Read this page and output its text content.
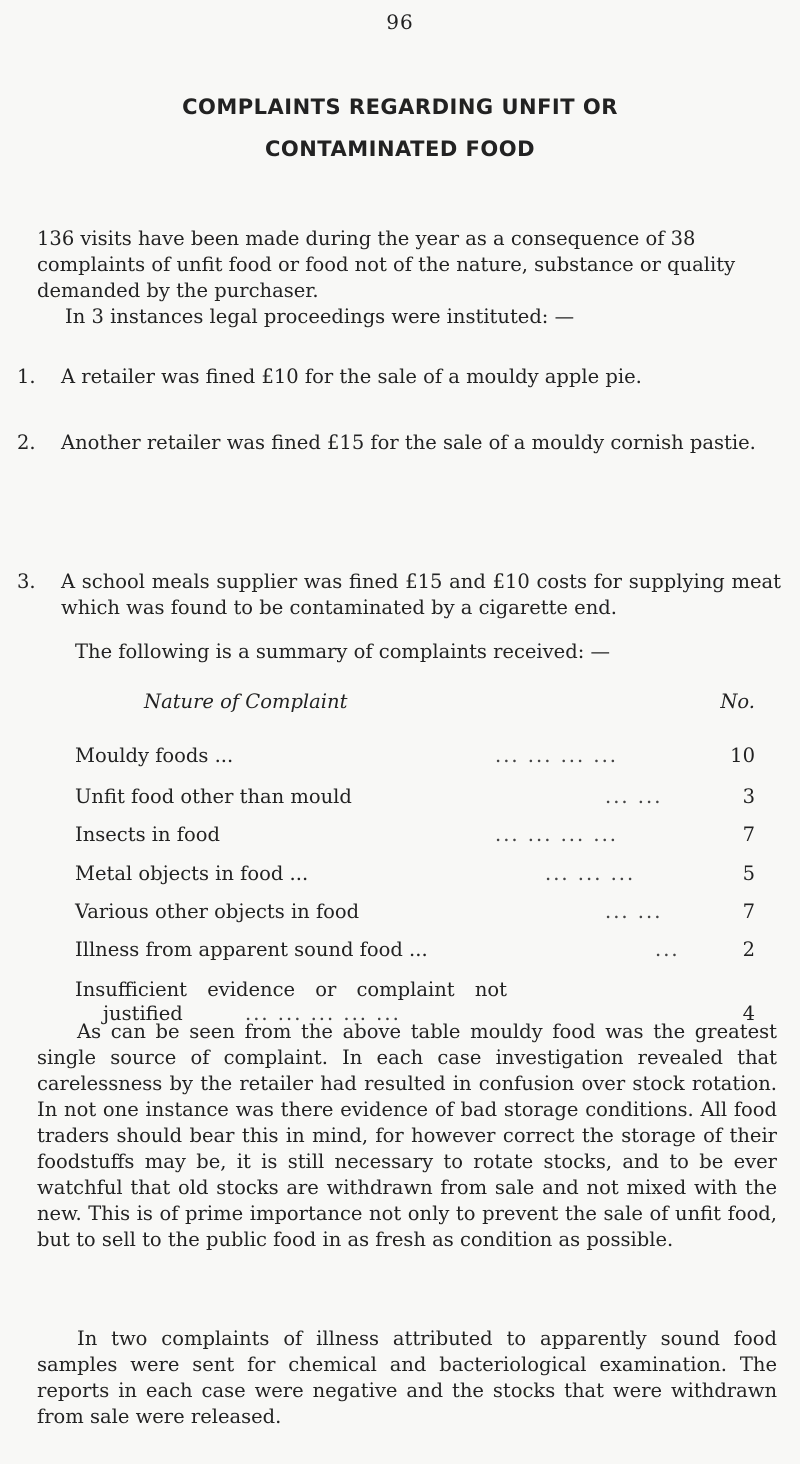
96
COMPLAINTS REGARDING UNFIT OR
CONTAMINATED FOOD

136 visits have been made during the year as a consequence of 38 complaints of unfit food or food not of the nature, substance or quality demanded by the purchaser.

In 3 instances legal proceedings were instituted: —

1.	A retailer was fined £10 for the sale of a mouldy apple pie.
2.	Another retailer was fined £15 for the sale of a mouldy cornish pastie.
3.	A school meals supplier was fined £15 and £10 costs for supplying meat which was found to be contaminated by a cigarette end.
The following is a summary of complaints received: —
Nature of Complaint	No.
Mouldy foods ...	... ... ... ...	10
Unfit food other than mould	... ...	3
Insects in food	... ... ... ...	7
Metal objects in food ...	... ... ...	5
Various other objects in food	... ...	7
Illness from apparent sound food ...	...	2
Insufficient evidence or complaint not
justified	... ... ... ... ...	4

As can be seen from the above table mouldy food was the greatest single source of complaint. In each case investigation revealed that carelessness by the retailer had resulted in confusion over stock rotation. In not one instance was there evidence of bad storage conditions. All food traders should bear this in mind, for however correct the storage of their foodstuffs may be, it is still necessary to rotate stocks, and to be ever watchful that old stocks are withdrawn from sale and not mixed with the new. This is of prime importance not only to prevent the sale of unfit food, but to sell to the public food in as fresh as condition as possible.

In two complaints of illness attributed to apparently sound food samples were sent for chemical and bacteriological examination. The reports in each case were negative and the stocks that were withdrawn from sale were released.
